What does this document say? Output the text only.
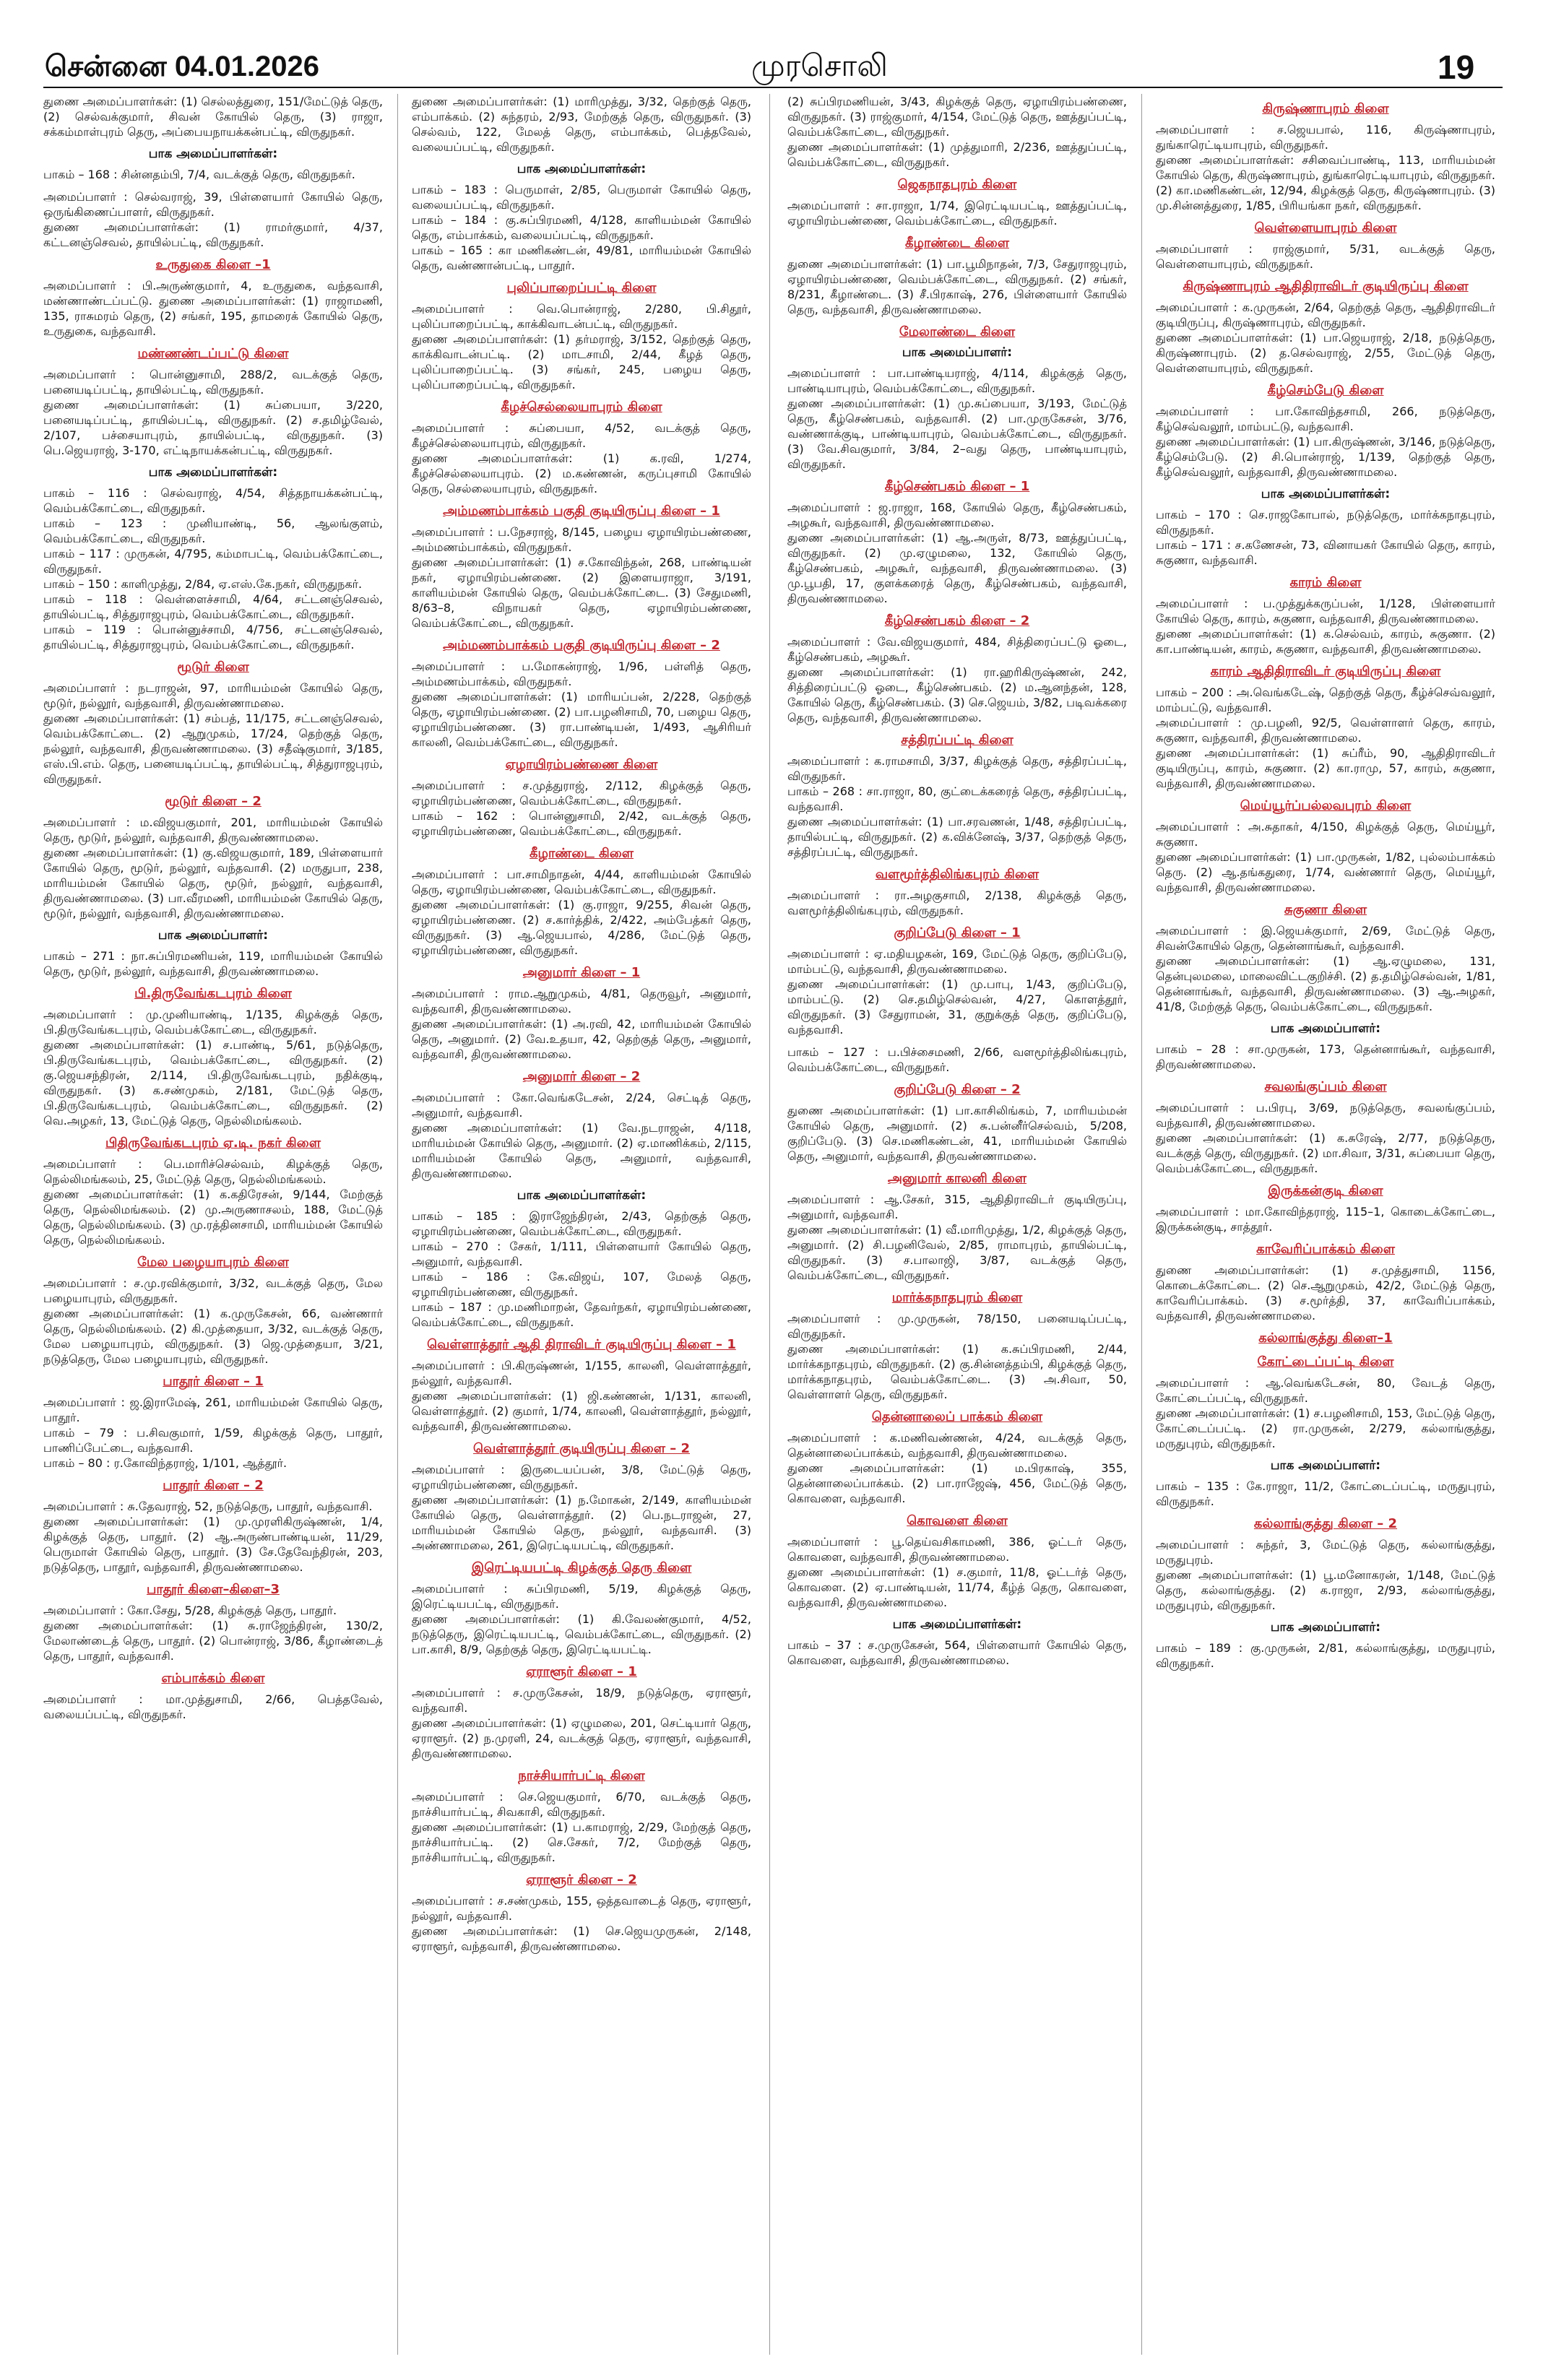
சென்னை 04.01.2026	முரசொலி	19

துணை அமைப்பாளர்கள்: (1) செல்லத்துரை, 151/மேட்டுத் தெரு, (2) செல்வக்குமார், சிவன் கோயில் தெரு, (3) ராஜா, சக்கம்மாள்புரம் தெரு, அப்பையநாயக்கன்பட்டி, விருதுநகர்.

பாக அமைப்பாளர்கள்:

பாகம் – 168 : சின்னதம்பி, 7/4, வடக்குத் தெரு, விருதுநகர்.

அமைப்பாளர் : செல்வராஜ், 39, பிள்ளையார் கோயில் தெரு, ஒருங்கிணைப்பாளர், விருதுநகர்.

துணை அமைப்பாளர்கள்: (1) ராமர்குமார், 4/37, கட்டனஞ்செவல், தாயில்பட்டி, விருதுநகர்.

உருதுகை கிளை –1

அமைப்பாளர் : பி.அருண்குமார், 4, உருதுகை, வந்தவாசி, மண்ணாண்டப்பட்டு. துணை அமைப்பாளர்கள்: (1) ராஜாமணி, 135, ராசுமரம் தெரு, (2) சங்கர், 195, தாமரைக் கோயில் தெரு, உருதுகை, வந்தவாசி.

மண்ணண்டப்பட்டு கிளை

அமைப்பாளர் : பொன்னுசாமி, 288/2, வடக்குத் தெரு, பனையடிப்பட்டி, தாயில்பட்டி, விருதுநகர்.

துணை அமைப்பாளர்கள்: (1) சுப்பையா, 3/220, பனையடிப்பட்டி, தாயில்பட்டி, விருதுநகர். (2) ச.தமிழ்வேல், 2/107, பச்சையாபுரம், தாயில்பட்டி, விருதுநகர். (3) பெ.ஜெயராஜ், 3-170, எட்டிநாயக்கன்பட்டி, விருதுநகர்.

பாக அமைப்பாளர்கள்:

பாகம் – 116 : செல்வராஜ், 4/54, சித்தநாயக்கன்பட்டி, வெம்பக்கோட்டை, விருதுநகர்.

பாகம் – 123 : முனியாண்டி, 56, ஆலங்குளம், வெம்பக்கோட்டை, விருதுநகர்.

பாகம் – 117 : முருகன், 4/795, கம்மாபட்டி, வெம்பக்கோட்டை, விருதுநகர்.

பாகம் – 150 : காளிமுத்து, 2/84, ஏ.எஸ்.கே.நகர், விருதுநகர்.

பாகம் – 118 : வெள்ளைச்சாமி, 4/64, சட்டனஞ்செவல், தாயில்பட்டி, சித்துராஜபுரம், வெம்பக்கோட்டை, விருதுநகர்.

பாகம் – 119 : பொன்னுச்சாமி, 4/756, சட்டனஞ்செவல், தாயில்பட்டி, சித்துராஜபுரம், வெம்பக்கோட்டை, விருதுநகர்.

மூடுர் கிளை

அமைப்பாளர் : நடராஜன், 97, மாரியம்மன் கோயில் தெரு, மூடுர், நல்லூர், வந்தவாசி, திருவண்ணாமலை.

துணை அமைப்பாளர்கள்: (1) சம்பத், 11/175, சட்டனஞ்செவல், வெம்பக்கோட்டை. (2) ஆறுமுகம், 17/24, தெற்குத் தெரு, நல்லூர், வந்தவாசி, திருவண்ணாமலை. (3) சதீஷ்குமார், 3/185, எஸ்.பி.எம். தெரு, பனையடிப்பட்டி, தாயில்பட்டி, சித்துராஜபுரம், விருதுநகர்.

மூடுர் கிளை – 2

அமைப்பாளர் : ம.விஜயகுமார், 201, மாரியம்மன் கோயில் தெரு, மூடுர், நல்லூர், வந்தவாசி, திருவண்ணாமலை.

துணை அமைப்பாளர்கள்: (1) கு.விஜயகுமார், 189, பிள்ளையார் கோயில் தெரு, மூடுர், நல்லூர், வந்தவாசி. (2) மருதுபா, 238, மாரியம்மன் கோயில் தெரு, மூடுர், நல்லூர், வந்தவாசி, திருவண்ணாமலை. (3) பா.வீரமணி, மாரியம்மன் கோயில் தெரு, மூடுர், நல்லூர், வந்தவாசி, திருவண்ணாமலை.

பாக அமைப்பாளர்:

பாகம் – 271 : நா.சுப்பிரமணியன், 119, மாரியம்மன் கோயில் தெரு, மூடுர், நல்லூர், வந்தவாசி, திருவண்ணாமலை.

பி.திருவேங்கடபுரம் கிளை

அமைப்பாளர் : மு.முனியாண்டி, 1/135, கிழக்குத் தெரு, பி.திருவேங்கடபுரம், வெம்பக்கோட்டை, விருதுநகர்.

துணை அமைப்பாளர்கள்: (1) ச.பாண்டி, 5/61, நடுத்தெரு, பி.திருவேங்கடபுரம், வெம்பக்கோட்டை, விருதுநகர். (2) கு.ஜெயசந்திரன், 2/114, பி.திருவேங்கடபுரம், நதிக்குடி, விருதுநகர். (3) க.சண்முகம், 2/181, மேட்டுத் தெரு, பி.திருவேங்கடபுரம், வெம்பக்கோட்டை, விருதுநகர். (2) வெ.அழகர், 13, மேட்டுத் தெரு, நெல்லிமங்கலம்.

பிதிருவேங்கடபுரம் ஏ.டி. நகர் கிளை

அமைப்பாளர் : பெ.மாரிச்செல்வம், கிழக்குத் தெரு, நெல்லிமங்கலம், 25, மேட்டுத் தெரு, நெல்லிமங்கலம்.

துணை அமைப்பாளர்கள்: (1) க.கதிரேசன், 9/144, மேற்குத் தெரு, நெல்லிமங்கலம். (2) மு.அருணாசலம், 188, மேட்டுத் தெரு, நெல்லிமங்கலம். (3) மு.ரத்தினசாமி, மாரியம்மன் கோயில் தெரு, நெல்லிமங்கலம்.

மேல பழையாபுரம் கிளை

அமைப்பாளர் : ச.மு.ரவிக்குமார், 3/32, வடக்குத் தெரு, மேல பழையாபுரம், விருதுநகர்.

துணை அமைப்பாளர்கள்: (1) க.முருகேசன், 66, வண்ணார் தெரு, நெல்லிமங்கலம். (2) கி.முத்தையா, 3/32, வடக்குத் தெரு, மேல பழையாபுரம், விருதுநகர். (3) ஜெ.முத்தையா, 3/21, நடுத்தெரு, மேல பழையாபுரம், விருதுநகர்.

பாதூர் கிளை – 1

அமைப்பாளர் : ஜ.இராமேஷ், 261, மாரியம்மன் கோயில் தெரு, பாதூர்.

பாகம் – 79 : ப.சிவகுமார், 1/59, கிழக்குத் தெரு, பாதூர், பாணிப்பேட்டை, வந்தவாசி.

பாகம் – 80 : ர.கோவிந்தராஜ், 1/101, ஆத்தூர்.

பாதூர் கிளை – 2

அமைப்பாளர் : சு.தேவராஜ், 52, நடுத்தெரு, பாதூர், வந்தவாசி.

துணை அமைப்பாளர்கள்: (1) மு.முரளிகிருஷ்ணன், 1/4, கிழக்குத் தெரு, பாதூர். (2) ஆ.அருண்பாண்டியன், 11/29, பெருமாள் கோயில் தெரு, பாதூர். (3) சே.தேவேந்திரன், 203, நடுத்தெரு, பாதூர், வந்தவாசி, திருவண்ணாமலை.

பாதூர் கிளை–கிளை–3

அமைப்பாளர் : கோ.சேது, 5/28, கிழக்குத் தெரு, பாதூர்.

துணை அமைப்பாளர்கள்: (1) சு.ராஜேந்திரன், 130/2, மேலாண்டைத் தெரு, பாதூர். (2) பொன்ராஜ், 3/86, கீழாண்டைத் தெரு, பாதூர், வந்தவாசி.

எம்பாக்கம் கிளை

அமைப்பாளர் : மா.முத்துசாமி, 2/66, பெத்தவேல், வலையப்பட்டி, விருதுநகர்.

துணை அமைப்பாளர்கள்: (1) மாரிமுத்து, 3/32, தெற்குத் தெரு, எம்பாக்கம். (2) சுந்தரம், 2/93, மேற்குத் தெரு, விருதுநகர். (3) செல்வம், 122, மேலத் தெரு, எம்பாக்கம், பெத்தவேல், வலையப்பட்டி, விருதுநகர்.

பாக அமைப்பாளர்கள்:

பாகம் – 183 : பெருமாள், 2/85, பெருமாள் கோயில் தெரு, வலையப்பட்டி, விருதுநகர்.

பாகம் – 184 : கு.சுப்பிரமணி, 4/128, காளியம்மன் கோயில் தெரு, எம்பாக்கம், வலையப்பட்டி, விருதுநகர்.

பாகம் – 165 : கா மணிகண்டன், 49/81, மாரியம்மன் கோயில் தெரு, வண்ணான்பட்டி, பாதூர்.

புலிப்பாறைப்பட்டி கிளை

அமைப்பாளர் : வெ.பொன்ராஜ், 2/280, பி.சிதூர், புலிப்பாறைப்பட்டி, காக்கிவாடன்பட்டி, விருதுநகர்.

துணை அமைப்பாளர்கள்: (1) தர்மராஜ், 3/152, தெற்குத் தெரு, காக்கிவாடன்பட்டி. (2) மாடசாமி, 2/44, கீழத் தெரு, புலிப்பாறைப்பட்டி. (3) சங்கர், 245, பழைய தெரு, புலிப்பாறைப்பட்டி, விருதுநகர்.

கீழச்செல்லையாபுரம் கிளை

அமைப்பாளர் : சுப்பையா, 4/52, வடக்குத் தெரு, கீழச்செல்லையாபுரம், விருதுநகர்.

துணை அமைப்பாளர்கள்: (1) க.ரவி, 1/274, கீழச்செல்லையாபுரம். (2) ம.கண்ணன், கருப்புசாமி கோயில் தெரு, செல்லையாபுரம், விருதுநகர்.

அம்மணம்பாக்கம் பகுதி குடியிருப்பு கிளை – 1

அமைப்பாளர் : ப.நேசராஜ், 8/145, பழைய ஏழாயிரம்பண்ணை, அம்மணம்பாக்கம், விருதுநகர்.

துணை அமைப்பாளர்கள்: (1) ச.கோவிந்தன், 268, பாண்டியன் நகர், ஏழாயிரம்பண்ணை. (2) இளையராஜா, 3/191, காளியம்மன் கோயில் தெரு, வெம்பக்கோட்டை. (3) சேதுமணி, 8/63–8, விநாயகர் தெரு, ஏழாயிரம்பண்ணை, வெம்பக்கோட்டை, விருதுநகர்.

அம்மணம்பாக்கம் பகுதி குடியிருப்பு கிளை – 2

அமைப்பாளர் : ப.மோகன்ராஜ், 1/96, பள்ளித் தெரு, அம்மணம்பாக்கம், விருதுநகர்.

துணை அமைப்பாளர்கள்: (1) மாரியப்பன், 2/228, தெற்குத் தெரு, ஏழாயிரம்பண்ணை. (2) பா.பழனிசாமி, 70, பழைய தெரு, ஏழாயிரம்பண்ணை. (3) ரா.பாண்டியன், 1/493, ஆசிரியர் காலனி, வெம்பக்கோட்டை, விருதுநகர்.

ஏழாயிரம்பண்ணை கிளை

அமைப்பாளர் : ச.முத்துராஜ், 2/112, கிழக்குத் தெரு, ஏழாயிரம்பண்ணை, வெம்பக்கோட்டை, விருதுநகர்.

பாகம் – 162 : பொன்னுசாமி, 2/42, வடக்குத் தெரு, ஏழாயிரம்பண்ணை, வெம்பக்கோட்டை, விருதுநகர்.

கீழாண்டை கிளை

அமைப்பாளர் : பா.சாமிநாதன், 4/44, காளியம்மன் கோயில் தெரு, ஏழாயிரம்பண்ணை, வெம்பக்கோட்டை, விருதுநகர்.

துணை அமைப்பாளர்கள்: (1) கு.ராஜா, 9/255, சிவன் தெரு, ஏழாயிரம்பண்ணை. (2) ச.கார்த்திக், 2/422, அம்பேத்கர் தெரு, விருதுநகர். (3) ஆ.ஜெயபால், 4/286, மேட்டுத் தெரு, ஏழாயிரம்பண்ணை, விருதுநகர்.

அனுமார் கிளை – 1

அமைப்பாளர் : ராம.ஆறுமுகம், 4/81, தெருவூர், அனுமார், வந்தவாசி, திருவண்ணாமலை.

துணை அமைப்பாளர்கள்: (1) அ.ரவி, 42, மாரியம்மன் கோயில் தெரு, அனுமார். (2) வே.உதயா, 42, தெற்குத் தெரு, அனுமார், வந்தவாசி, திருவண்ணாமலை.

அனுமார் கிளை – 2

அமைப்பாளர் : கோ.வெங்கடேசன், 2/24, செட்டித் தெரு, அனுமார், வந்தவாசி.

துணை அமைப்பாளர்கள்: (1) வே.நடராஜன், 4/118, மாரியம்மன் கோயில் தெரு, அனுமார். (2) ஏ.மாணிக்கம், 2/115, மாரியம்மன் கோயில் தெரு, அனுமார், வந்தவாசி, திருவண்ணாமலை.

பாக அமைப்பாளர்கள்:

பாகம் – 185 : இராஜேந்திரன், 2/43, தெற்குத் தெரு, ஏழாயிரம்பண்ணை, வெம்பக்கோட்டை, விருதுநகர்.

பாகம் – 270 : சேகர், 1/111, பிள்ளையார் கோயில் தெரு, அனுமார், வந்தவாசி.

பாகம் – 186 : கே.விஜய், 107, மேலத் தெரு, ஏழாயிரம்பண்ணை, விருதுநகர்.

பாகம் – 187 : மு.மணிமாறன், தேவர்நகர், ஏழாயிரம்பண்ணை, வெம்பக்கோட்டை, விருதுநகர்.

வெள்ளாத்தூர் ஆதி திராவிடர் குடியிருப்பு கிளை – 1

அமைப்பாளர் : பி.கிருஷ்ணன், 1/155, காலனி, வெள்ளாத்தூர், நல்லூர், வந்தவாசி.

துணை அமைப்பாளர்கள்: (1) ஜி.கண்ணன், 1/131, காலனி, வெள்ளாத்தூர். (2) குமார், 1/74, காலனி, வெள்ளாத்தூர், நல்லூர், வந்தவாசி, திருவண்ணாமலை.

வெள்ளாத்தூர் குடியிருப்பு கிளை – 2

அமைப்பாளர் : இருடையப்பன், 3/8, மேட்டுத் தெரு, ஏழாயிரம்பண்ணை, விருதுநகர்.

துணை அமைப்பாளர்கள்: (1) ந.மோகன், 2/149, காளியம்மன் கோயில் தெரு, வெள்ளாத்தூர். (2) பெ.நடராஜன், 27, மாரியம்மன் கோயில் தெரு, நல்லூர், வந்தவாசி. (3) அண்ணாமலை, 261, இரெட்டியபட்டி, விருதுநகர்.

இரெட்டியபட்டி கிழக்குத் தெரு கிளை

அமைப்பாளர் : சுப்பிரமணி, 5/19, கிழக்குத் தெரு, இரெட்டியபட்டி, விருதுநகர்.

துணை அமைப்பாளர்கள்: (1) கி.வேலண்குமார், 4/52, நடுத்தெரு, இரெட்டியபட்டி, வெம்பக்கோட்டை, விருதுநகர். (2) பா.காசி, 8/9, தெற்குத் தெரு, இரெட்டியபட்டி.

ஏராளூர் கிளை – 1

அமைப்பாளர் : ச.முருகேசன், 18/9, நடுத்தெரு, ஏராளூர், வந்தவாசி.

துணை அமைப்பாளர்கள்: (1) ஏழுமலை, 201, செட்டியார் தெரு, ஏராளூர். (2) ந.முரளி, 24, வடக்குத் தெரு, ஏராளூர், வந்தவாசி, திருவண்ணாமலை.

நாச்சியார்பட்டி கிளை

அமைப்பாளர் : செ.ஜெயகுமார், 6/70, வடக்குத் தெரு, நாச்சியார்பட்டி, சிவகாசி, விருதுநகர்.

துணை அமைப்பாளர்கள்: (1) ப.காமராஜ், 2/29, மேற்குத் தெரு, நாச்சியார்பட்டி. (2) செ.சேகர், 7/2, மேற்குத் தெரு, நாச்சியார்பட்டி, விருதுநகர்.

ஏராளூர் கிளை – 2

அமைப்பாளர் : ச.சண்முகம், 155, ஒத்தவாடைத் தெரு, ஏராளூர், நல்லூர், வந்தவாசி.

துணை அமைப்பாளர்கள்: (1) செ.ஜெயமுருகன், 2/148, ஏராளூர், வந்தவாசி, திருவண்ணாமலை.

(2) சுப்பிரமணியன், 3/43, கிழக்குத் தெரு, ஏழாயிரம்பண்ணை, விருதுநகர். (3) ராஜ்குமார், 4/154, மேட்டுத் தெரு, ஊத்துப்பட்டி, வெம்பக்கோட்டை, விருதுநகர்.

துணை அமைப்பாளர்கள்: (1) முத்துமாரி, 2/236, ஊத்துப்பட்டி, வெம்பக்கோட்டை, விருதுநகர்.

ஜெகநாதபுரம் கிளை

அமைப்பாளர் : சா.ராஜா, 1/74, இரெட்டியபட்டி, ஊத்துப்பட்டி, ஏழாயிரம்பண்ணை, வெம்பக்கோட்டை, விருதுநகர்.

கீழாண்டை கிளை

துணை அமைப்பாளர்கள்: (1) பா.பூமிநாதன், 7/3, சேதுராஜபுரம், ஏழாயிரம்பண்ணை, வெம்பக்கோட்டை, விருதுநகர். (2) சங்கர், 8/231, கீழாண்டை. (3) சீ.பிரகாஷ், 276, பிள்ளையார் கோயில் தெரு, வந்தவாசி, திருவண்ணாமலை.

மேலாண்டை கிளை
பாக அமைப்பாளர்:

அமைப்பாளர் : பா.பாண்டியராஜ், 4/114, கிழக்குத் தெரு, பாண்டியாபுரம், வெம்பக்கோட்டை, விருதுநகர்.

துணை அமைப்பாளர்கள்: (1) மு.சுப்பையா, 3/193, மேட்டுத் தெரு, கீழ்செண்பகம், வந்தவாசி. (2) பா.முருகேசன், 3/76, வண்ணாக்குடி, பாண்டியாபுரம், வெம்பக்கோட்டை, விருதுநகர். (3) வே.சிவகுமார், 3/84, 2–வது தெரு, பாண்டியாபுரம், விருதுநகர்.

கீழ்செண்பகம் கிளை – 1

அமைப்பாளர் : ஜ.ராஜா, 168, கோயில் தெரு, கீழ்செண்பகம், அழகூர், வந்தவாசி, திருவண்ணாமலை.

துணை அமைப்பாளர்கள்: (1) ஆ.அருள், 8/73, ஊத்துப்பட்டி, விருதுநகர். (2) மு.ஏழுமலை, 132, கோயில் தெரு, கீழ்செண்பகம், அழகூர், வந்தவாசி, திருவண்ணாமலை. (3) மு.பூபதி, 17, குளக்கரைத் தெரு, கீழ்செண்பகம், வந்தவாசி, திருவண்ணாமலை.

கீழ்செண்பகம் கிளை – 2

அமைப்பாளர் : வே.விஜயகுமார், 484, சித்திரைப்பட்டு ஓடை, கீழ்செண்பகம், அழகூர்.

துணை அமைப்பாளர்கள்: (1) ரா.ஹரிகிருஷ்ணன், 242, சித்திரைப்பட்டு ஓடை, கீழ்செண்பகம். (2) ம.ஆனந்தன், 128, கோயில் தெரு, கீழ்செண்பகம். (3) செ.ஜெயம், 3/82, படிவக்கரை தெரு, வந்தவாசி, திருவண்ணாமலை.

சத்திரப்பட்டி கிளை

அமைப்பாளர் : க.ராமசாமி, 3/37, கிழக்குத் தெரு, சத்திரப்பட்டி, விருதுநகர்.

பாகம் – 268 : சா.ராஜா, 80, குட்டைக்கரைத் தெரு, சத்திரப்பட்டி, வந்தவாசி.

துணை அமைப்பாளர்கள்: (1) பா.சரவணன், 1/48, சத்திரப்பட்டி, தாயில்பட்டி, விருதுநகர். (2) க.விக்னேஷ், 3/37, தெற்குத் தெரு, சத்திரப்பட்டி, விருதுநகர்.

வளமூர்த்திலிங்கபுரம் கிளை

அமைப்பாளர் : ரா.அழகுசாமி, 2/138, கிழக்குத் தெரு, வளமூர்த்திலிங்கபுரம், விருதுநகர்.

குறிப்பேடு கிளை – 1

அமைப்பாளர் : ஏ.மதியழகன், 169, மேட்டுத் தெரு, குறிப்பேடு, மாம்பட்டு, வந்தவாசி, திருவண்ணாமலை.

துணை அமைப்பாளர்கள்: (1) மு.பாபு, 1/43, குறிப்பேடு, மாம்பட்டு. (2) செ.தமிழ்செல்வன், 4/27, கொளத்தூர், விருதுநகர். (3) சேதுராமன், 31, குறுக்குத் தெரு, குறிப்பேடு, வந்தவாசி.

பாகம் – 127 : ப.பிச்சைமணி, 2/66, வளமூர்த்திலிங்கபுரம், வெம்பக்கோட்டை, விருதுநகர்.

குறிப்பேடு கிளை – 2

துணை அமைப்பாளர்கள்: (1) பா.காசிலிங்கம், 7, மாரியம்மன் கோயில் தெரு, அனுமார். (2) சு.பன்னீர்செல்வம், 5/208, குறிப்பேடு. (3) செ.மணிகண்டன், 41, மாரியம்மன் கோயில் தெரு, அனுமார், வந்தவாசி, திருவண்ணாமலை.

அனுமார் காலனி கிளை

அமைப்பாளர் : ஆ.சேகர், 315, ஆதிதிராவிடர் குடியிருப்பு, அனுமார், வந்தவாசி.

துணை அமைப்பாளர்கள்: (1) வீ.மாரிமுத்து, 1/2, கிழக்குத் தெரு, அனுமார். (2) சி.பழனிவேல், 2/85, ராமாபுரம், தாயில்பட்டி, விருதுநகர். (3) ச.பாலாஜி, 3/87, வடக்குத் தெரு, வெம்பக்கோட்டை, விருதுநகர்.

மார்க்கநாதபுரம் கிளை

அமைப்பாளர் : மு.முருகன், 78/150, பனையடிப்பட்டி, விருதுநகர்.

துணை அமைப்பாளர்கள்: (1) க.சுப்பிரமணி, 2/44, மார்க்கநாதபுரம், விருதுநகர். (2) கு.சின்னத்தம்பி, கிழக்குத் தெரு, மார்க்கநாதபுரம், வெம்பக்கோட்டை. (3) அ.சிவா, 50, வெள்ளாளர் தெரு, விருதுநகர்.

தென்னாலைப் பாக்கம் கிளை

அமைப்பாளர் : க.மணிவண்ணன், 4/24, வடக்குத் தெரு, தென்னாலைப்பாக்கம், வந்தவாசி, திருவண்ணாமலை.

துணை அமைப்பாளர்கள்: (1) ம.பிரகாஷ், 355, தென்னாலைப்பாக்கம். (2) பா.ராஜேஷ், 456, மேட்டுத் தெரு, கொவளை, வந்தவாசி.

கொவளை கிளை

அமைப்பாளர் : பூ.தெய்வசிகாமணி, 386, ஓட்டர் தெரு, கொவளை, வந்தவாசி, திருவண்ணாமலை.

துணை அமைப்பாளர்கள்: (1) ச.குமார், 11/8, ஓட்டர்த் தெரு, கொவளை. (2) ஏ.பாண்டியன், 11/74, கீழ்த் தெரு, கொவளை, வந்தவாசி, திருவண்ணாமலை.

பாக அமைப்பாளர்கள்:

பாகம் – 37 : ச.முருகேசன், 564, பிள்ளையார் கோயில் தெரு, கொவளை, வந்தவாசி, திருவண்ணாமலை.

கிருஷ்ணாபுரம் கிளை

அமைப்பாளர் : ச.ஜெயபால், 116, கிருஷ்ணாபுரம், துங்காரெட்டியாபுரம், விருதுநகர்.

துணை அமைப்பாளர்கள்: சசிவைப்பாண்டி, 113, மாரியம்மன் கோயில் தெரு, கிருஷ்ணாபுரம், துங்காரெட்டியாபுரம், விருதுநகர். (2) கா.மணிகண்டன், 12/94, கிழக்குத் தெரு, கிருஷ்ணாபுரம். (3) மு.சின்னத்துரை, 1/85, பிரியங்கா நகர், விருதுநகர்.

வெள்ளையாபுரம் கிளை

அமைப்பாளர் : ராஜ்குமார், 5/31, வடக்குத் தெரு, வெள்ளையாபுரம், விருதுநகர்.

கிருஷ்ணாபுரம் ஆதிதிராவிடர் குடியிருப்பு கிளை

அமைப்பாளர் : க.முருகன், 2/64, தெற்குத் தெரு, ஆதிதிராவிடர் குடியிருப்பு, கிருஷ்ணாபுரம், விருதுநகர்.

துணை அமைப்பாளர்கள்: (1) பா.ஜெயராஜ், 2/18, நடுத்தெரு, கிருஷ்ணாபுரம். (2) த.செல்வராஜ், 2/55, மேட்டுத் தெரு, வெள்ளையாபுரம், விருதுநகர்.

கீழ்செம்பேடு கிளை

அமைப்பாளர் : பா.கோவிந்தசாமி, 266, நடுத்தெரு, கீழ்செவ்வலூர், மாம்பட்டு, வந்தவாசி.

துணை அமைப்பாளர்கள்: (1) பா.கிருஷ்ணன், 3/146, நடுத்தெரு, கீழ்செம்பேடு. (2) சி.பொன்ராஜ், 1/139, தெற்குத் தெரு, கீழ்செவ்வலூர், வந்தவாசி, திருவண்ணாமலை.

பாக அமைப்பாளர்கள்:

பாகம் – 170 : செ.ராஜகோபால், நடுத்தெரு, மார்க்கநாதபுரம், விருதுநகர்.

பாகம் – 171 : ச.கணேசன், 73, வினாயகர் கோயில் தெரு, காரம், சுகுணா, வந்தவாசி.

காரம் கிளை

அமைப்பாளர் : ப.முத்துக்கருப்பன், 1/128, பிள்ளையார் கோயில் தெரு, காரம், சுகுணா, வந்தவாசி, திருவண்ணாமலை.

துணை அமைப்பாளர்கள்: (1) க.செல்வம், காரம், சுகுணா. (2) கா.பாண்டியன், காரம், சுகுணா, வந்தவாசி, திருவண்ணாமலை.

காரம் ஆதிதிராவிடர் குடியிருப்பு கிளை

பாகம் – 200 : அ.வெங்கடேஷ், தெற்குத் தெரு, கீழ்ச்செவ்வலூர், மாம்பட்டு, வந்தவாசி.

அமைப்பாளர் : மு.பழனி, 92/5, வெள்ளாளர் தெரு, காரம், சுகுணா, வந்தவாசி, திருவண்ணாமலை.

துணை அமைப்பாளர்கள்: (1) சுப்ரீம், 90, ஆதிதிராவிடர் குடியிருப்பு, காரம், சுகுணா. (2) கா.ராமு, 57, காரம், சுகுணா, வந்தவாசி, திருவண்ணாமலை.

மெய்யூர்ப்பல்லவபுரம் கிளை

அமைப்பாளர் : அ.சுதாகர், 4/150, கிழக்குத் தெரு, மெய்யூர், சுகுணா.

துணை அமைப்பாளர்கள்: (1) பா.முருகன், 1/82, புல்லம்பாக்கம் தெரு. (2) ஆ.தங்கதுரை, 1/74, வண்ணார் தெரு, மெய்யூர், வந்தவாசி, திருவண்ணாமலை.

சுகுணா கிளை

அமைப்பாளர் : இ.ஜெயக்குமார், 2/69, மேட்டுத் தெரு, சிவன்கோயில் தெரு, தென்னாங்கூர், வந்தவாசி.

துணை அமைப்பாளர்கள்: (1) ஆ.ஏழுமலை, 131, தென்புலமலை, மாலைவிட்டகுறிச்சி. (2) த.தமிழ்செல்வன், 1/81, தென்னாங்கூர், வந்தவாசி, திருவண்ணாமலை. (3) ஆ.அழகர், 41/8, மேற்குத் தெரு, வெம்பக்கோட்டை, விருதுநகர்.

பாக அமைப்பாளர்:

பாகம் – 28 : சா.முருகன், 173, தென்னாங்கூர், வந்தவாசி, திருவண்ணாமலை.

சவலங்குப்பம் கிளை

அமைப்பாளர் : ப.பிரபு, 3/69, நடுத்தெரு, சவலங்குப்பம், வந்தவாசி, திருவண்ணாமலை.

துணை அமைப்பாளர்கள்: (1) க.சுரேஷ், 2/77, நடுத்தெரு, வடக்குத் தெரு, விருதுநகர். (2) மா.சிவா, 3/31, சுப்பையா தெரு, வெம்பக்கோட்டை, விருதுநகர்.

இருக்கன்குடி கிளை

அமைப்பாளர் : மா.கோவிந்தராஜ், 115–1, கொடைக்கோட்டை, இருக்கன்குடி, சாத்தூர்.

காவேரிப்பாக்கம் கிளை

துணை அமைப்பாளர்கள்: (1) ச.முத்துசாமி, 1156, கொடைக்கோட்டை. (2) செ.ஆறுமுகம், 42/2, மேட்டுத் தெரு, காவேரிப்பாக்கம். (3) ச.மூர்த்தி, 37, காவேரிப்பாக்கம், வந்தவாசி, திருவண்ணாமலை.

கல்லாங்குத்து கிளை–1
கோட்டைப்பட்டி கிளை

அமைப்பாளர் : ஆ.வெங்கடேசன், 80, வேடத் தெரு, கோட்டைப்பட்டி, விருதுநகர்.

துணை அமைப்பாளர்கள்: (1) ச.பழனிசாமி, 153, மேட்டுத் தெரு, கோட்டைப்பட்டி. (2) ரா.முருகன், 2/279, கல்லாங்குத்து, மருதுபுரம், விருதுநகர்.

பாக அமைப்பாளர்:

பாகம் – 135 : கே.ராஜா, 11/2, கோட்டைப்பட்டி, மருதுபுரம், விருதுநகர்.

கல்லாங்குத்து கிளை – 2

அமைப்பாளர் : சுந்தர், 3, மேட்டுத் தெரு, கல்லாங்குத்து, மருதுபுரம்.

துணை அமைப்பாளர்கள்: (1) பூ.மனோகரன், 1/148, மேட்டுத் தெரு, கல்லாங்குத்து. (2) க.ராஜா, 2/93, கல்லாங்குத்து, மருதுபுரம், விருதுநகர்.

பாக அமைப்பாளர்:

பாகம் – 189 : கு.முருகன், 2/81, கல்லாங்குத்து, மருதுபுரம், விருதுநகர்.
